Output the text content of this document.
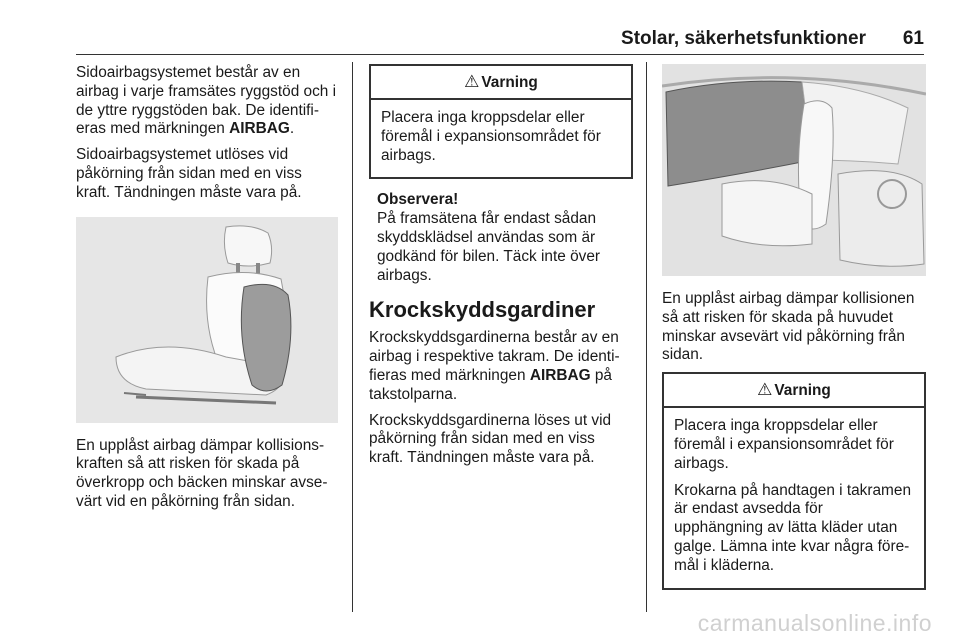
Stolar, säkerhetsfunktioner 61

Sidoairbagsystemet består av en airbag i varje framsätes ryggstöd och i de yttre ryggstöden bak. De identifieras med märkningen AIRBAG.

Sidoairbagsystemet utlöses vid påkörning från sidan med en viss kraft. Tändningen måste vara på.

En upplåst airbag dämpar kollisionskraften så att risken för skada på överkropp och bäcken minskar avsevärt vid en påkörning från sidan.

⚠ Varning

Placera inga kroppsdelar eller föremål i expansionsområdet för airbags.

Observera!

På framsätena får endast sådan skyddsklädsel användas som är godkänd för bilen. Täck inte över airbags.

Krockskyddsgardiner

Krockskyddsgardinerna består av en airbag i respektive takram. De identifieras med märkningen AIRBAG på takstolparna.

Krockskyddsgardinerna löses ut vid påkörning från sidan med en viss kraft. Tändningen måste vara på.

En upplåst airbag dämpar kollisionen så att risken för skada på huvudet minskar avsevärt vid påkörning från sidan.

⚠ Varning

Placera inga kroppsdelar eller föremål i expansionsområdet för airbags.

Krokarna på handtagen i takramen är endast avsedda för upphängning av lätta kläder utan galge. Lämna inte kvar några föremål i kläderna.

carmanualsonline.info
